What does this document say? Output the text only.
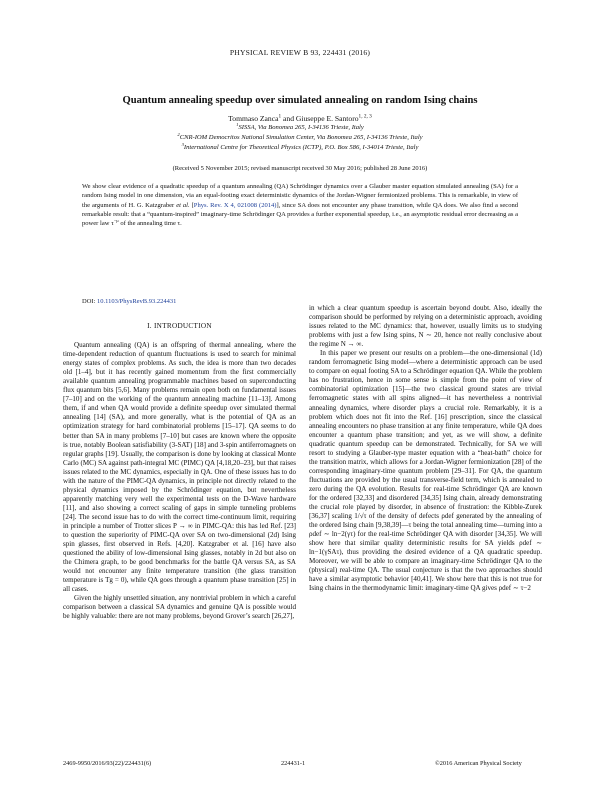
PHYSICAL REVIEW B 93, 224431 (2016)
Quantum annealing speedup over simulated annealing on random Ising chains
Tommaso Zanca$^1$ and Giuseppe E. Santoro$^{1, 2, 3}$
$^1$SISSA, Via Bonomea 265, I-34136 Trieste, Italy
$^2$CNR-IOM Democritos National Simulation Center, Via Bonomea 265, I-34136 Trieste, Italy
$^3$International Centre for Theoretical Physics (ICTP), P.O. Box 586, I-34014 Trieste, Italy
(Received 5 November 2015; revised manuscript received 30 May 2016; published 28 June 2016)

We show clear evidence of a quadratic speedup of a quantum annealing (QA) Schrödinger dynamics over a Glauber master equation simulated annealing (SA) for a random Ising model in one dimension, via an equal-footing exact deterministic dynamics of the Jordan-Wigner fermionized problems. This is remarkable, in view of the arguments of H. G. Katzgraber et al. [Phys. Rev. X 4, 021008 (2014)], since SA does not encounter any phase transition, while QA does. We also find a second remarkable result: that a “quantum-inspired” imaginary-time Schrödinger QA provides a further exponential speedup, i.e., an asymptotic residual error decreasing as a power law $\tau^{-\mu}$ of the annealing time τ.

DOI: 10.1103/PhysRevB.93.224431
I. INTRODUCTION

Quantum annealing (QA) is an offspring of thermal annealing, where the time-dependent reduction of quantum fluctuations is used to search for minimal energy states of complex problems. As such, the idea is more than two decades old [1–4], but it has recently gained momentum from the first commercially available quantum annealing programmable machines based on superconducting flux quantum bits [5,6]. Many problems remain open both on fundamental issues [7–10] and on the working of the quantum annealing machine [11–13]. Among them, if and when QA would provide a definite speedup over simulated thermal annealing [14] (SA), and more generally, what is the potential of QA as an optimization strategy for hard combinatorial problems [15–17]. QA seems to do better than SA in many problems [7–10] but cases are known where the opposite is true, notably Boolean satisfiability (3-SAT) [18] and 3-spin antiferromagnets on regular graphs [19]. Usually, the comparison is done by looking at classical Monte Carlo (MC) SA against path-integral MC (PIMC) QA [4,18,20–23], but that raises issues related to the MC dynamics, especially in QA. One of these issues has to do with the nature of the PIMC-QA dynamics, in principle not directly related to the physical dynamics imposed by the Schrödinger equation, but nevertheless apparently matching very well the experimental tests on the D-Wave hardware [11], and also showing a correct scaling of gaps in simple tunneling problems [24]. The second issue has to do with the correct time-continuum limit, requiring in principle a number of Trotter slices P → ∞ in PIMC-QA: this has led Ref. [23] to question the superiority of PIMC-QA over SA on two-dimensional (2d) Ising spin glasses, first observed in Refs. [4,20]. Katzgraber et al. [16] have also questioned the ability of low-dimensional Ising glasses, notably in 2d but also on the Chimera graph, to be good benchmarks for the battle QA versus SA, as SA would not encounter any finite temperature transition (the glass transition temperature is Tg = 0), while QA goes through a quantum phase transition [25] in all cases.

Given the highly unsettled situation, any nontrivial problem in which a careful comparison between a classical SA dynamics and genuine QA is possible would be highly valuable: there are not many problems, beyond Grover’s search [26,27],

in which a clear quantum speedup is ascertain beyond doubt. Also, ideally the comparison should be performed by relying on a deterministic approach, avoiding issues related to the MC dynamics: that, however, usually limits us to studying problems with just a few Ising spins, N ∼ 20, hence not really conclusive about the regime N → ∞.

In this paper we present our results on a problem—the one-dimensional (1d) random ferromagnetic Ising model—where a deterministic approach can be used to compare on equal footing SA to a Schrödinger equation QA. While the problem has no frustration, hence in some sense is simple from the point of view of combinatorial optimization [15]—the two classical ground states are trivial ferromagnetic states with all spins aligned—it has nevertheless a nontrivial annealing dynamics, where disorder plays a crucial role. Remarkably, it is a problem which does not fit into the Ref. [16] prescription, since the classical annealing encounters no phase transition at any finite temperature, while QA does encounter a quantum phase transition; and yet, as we will show, a definite quadratic quantum speedup can be demonstrated. Technically, for SA we will resort to studying a Glauber-type master equation with a “heat-bath” choice for the transition matrix, which allows for a Jordan-Wigner fermionization [28] of the corresponding imaginary-time quantum problem [29–31]. For QA, the quantum fluctuations are provided by the usual transverse-field term, which is annealed to zero during the QA evolution. Results for real-time Schrödinger QA are known for the ordered [32,33] and disordered [34,35] Ising chain, already demonstrating the crucial role played by disorder, in absence of frustration: the Kibble-Zurek [36,37] scaling 1/√τ of the density of defects ρdef generated by the annealing of the ordered Ising chain [9,38,39]—τ being the total annealing time—turning into a ρdef ∼ ln−2(γτ) for the real-time Schrödinger QA with disorder [34,35]. We will show here that similar quality deterministic results for SA yields ρdef ∼ ln−1(γSAτ), thus providing the desired evidence of a QA quadratic speedup. Moreover, we will be able to compare an imaginary-time Schrödinger QA to the (physical) real-time QA. The usual conjecture is that the two approaches should have a similar asymptotic behavior [40,41]. We show here that this is not true for Ising chains in the thermodynamic limit: imaginary-time QA gives ρdef ∼ τ−2

2469-9950/2016/93(22)/224431(6)	224431-1	©2016 American Physical Society
